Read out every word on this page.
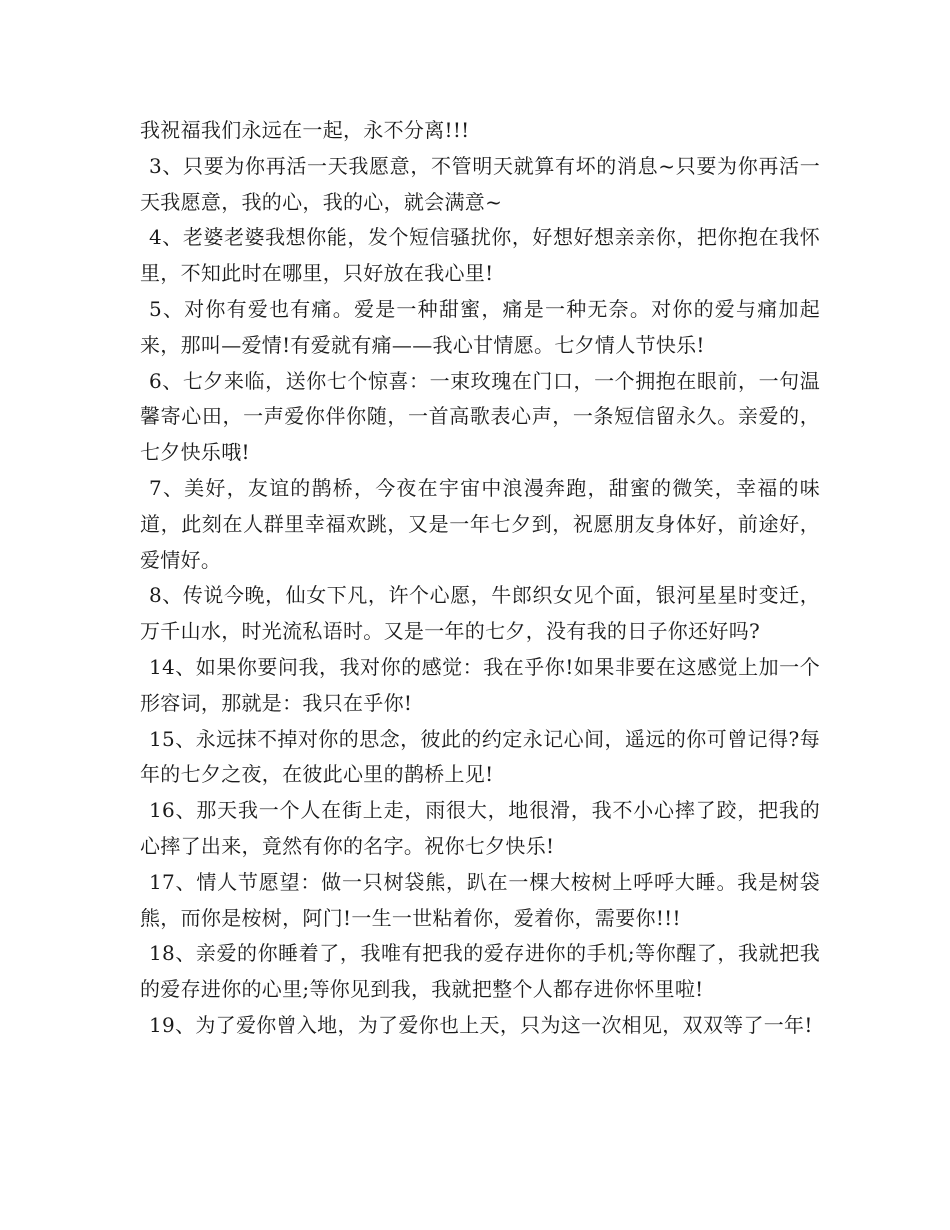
我祝福我们永远在一起，永不分离!!!

3、只要为你再活一天我愿意，不管明天就算有坏的消息~只要为你再活一天我愿意，我的心，我的心，就会满意~

4、老婆老婆我想你能，发个短信骚扰你，好想好想亲亲你，把你抱在我怀里，不知此时在哪里，只好放在我心里!

5、对你有爱也有痛。爱是一种甜蜜，痛是一种无奈。对你的爱与痛加起来，那叫—爱情!有爱就有痛——我心甘情愿。七夕情人节快乐!

6、七夕来临，送你七个惊喜：一束玫瑰在门口，一个拥抱在眼前，一句温馨寄心田，一声爱你伴你随，一首高歌表心声，一条短信留永久。亲爱的，七夕快乐哦!

7、美好，友谊的鹊桥，今夜在宇宙中浪漫奔跑，甜蜜的微笑，幸福的味道，此刻在人群里幸福欢跳，又是一年七夕到，祝愿朋友身体好，前途好，爱情好。

8、传说今晚，仙女下凡，许个心愿，牛郎织女见个面，银河星星时变迁，万千山水，时光流私语时。又是一年的七夕，没有我的日子你还好吗?

14、如果你要问我，我对你的感觉：我在乎你!如果非要在这感觉上加一个形容词，那就是：我只在乎你!

15、永远抹不掉对你的思念，彼此的约定永记心间，遥远的你可曾记得?每年的七夕之夜，在彼此心里的鹊桥上见!

16、那天我一个人在街上走，雨很大，地很滑，我不小心摔了跤，把我的心摔了出来，竟然有你的名字。祝你七夕快乐!

17、情人节愿望：做一只树袋熊，趴在一棵大桉树上呼呼大睡。我是树袋熊，而你是桉树，阿门!一生一世粘着你，爱着你，需要你!!!

18、亲爱的你睡着了，我唯有把我的爱存进你的手机;等你醒了，我就把我的爱存进你的心里;等你见到我，我就把整个人都存进你怀里啦!

19、为了爱你曾入地，为了爱你也上天，只为这一次相见，双双等了一年!
